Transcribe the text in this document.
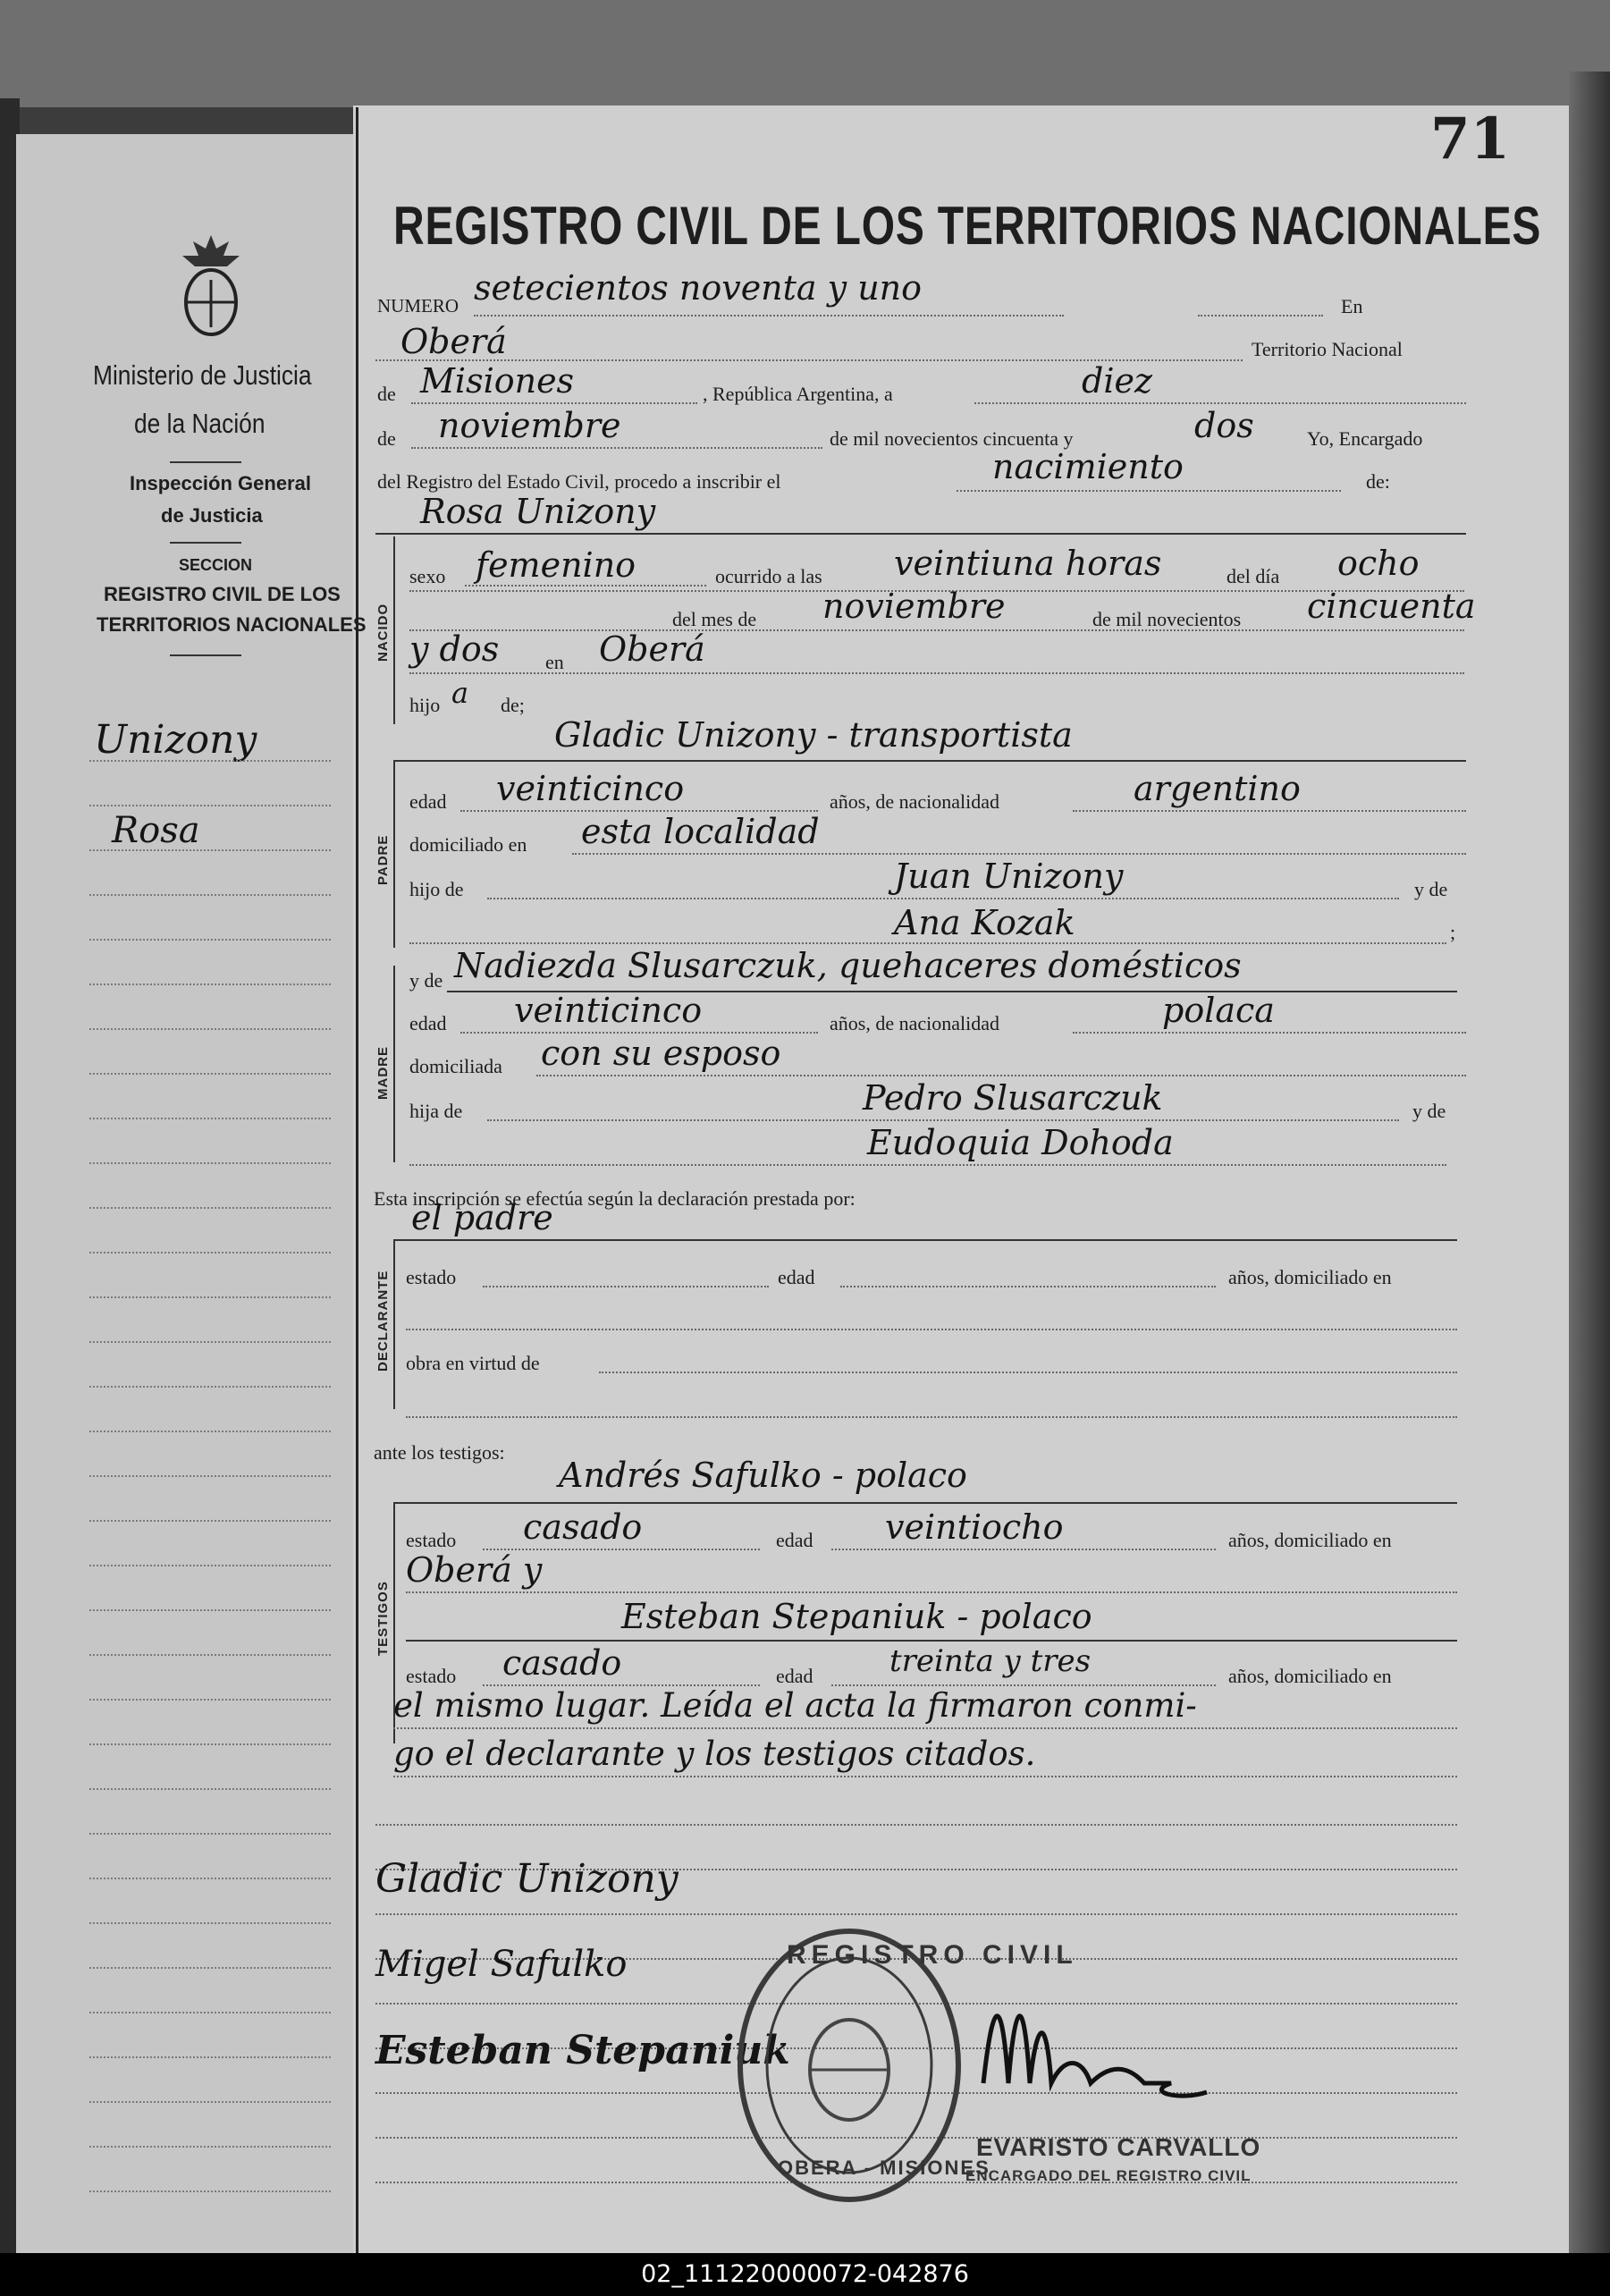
Ministerio de Justicia
de la Nación
Inspección General
de Justicia
SECCION
REGISTRO CIVIL DE LOS
TERRITORIOS NACIONALES
Unizony
Rosa
71
REGISTRO CIVIL DE LOS TERRITORIOS NACIONALES
NUMERO setecientos noventa y uno	En
Oberá	Territorio Nacional
de Misiones	, República Argentina, a	diez
de noviembre	de mil novecientos cincuenta y	dos	Yo, Encargado
del Registro del Estado Civil, procedo a inscribir el	nacimiento	de:
Rosa Unizony
NACIDO
sexo femenino	ocurrido a las veintiuna horas	del día ocho
del mes de noviembre	de mil novecientos cincuenta
y dos en Oberá
hijo a de;
Gladic Unizony - transportista
PADRE
edad veinticinco	años, de nacionalidad	argentino
domiciliado en esta localidad
hijo de	Juan Unizony	y de
Ana Kozak	;
y de Nadiezda Slusarczuk, quehaceres domésticos
MADRE
edad veinticinco	años, de nacionalidad	polaca
domiciliada con su esposo
hija de	Pedro Slusarczuk	y de
Eudoquia Dohoda
Esta inscripción se efectúa según la declaración prestada por:
el padre
DECLARANTE estado	edad	años, domiciliado en
obra en virtud de
ante los testigos:
Andrés Safulko - polaco
TESTIGOS
estado casado	edad veintiocho	años, domiciliado en
Oberá y
Esteban Stepaniuk - polaco
estado casado	edad	treinta y tres	años, domiciliado en
el mismo lugar. Leída el acta la firmaron conmi-
go el declarante y los testigos citados.
Gladic Unizony
Migel Safulko
Esteban Stepaniuk
REGISTRO CIVIL
OBERA - MISIONES
EVARISTO CARVALLO
ENCARGADO DEL REGISTRO CIVIL
02_111220000072-042876
